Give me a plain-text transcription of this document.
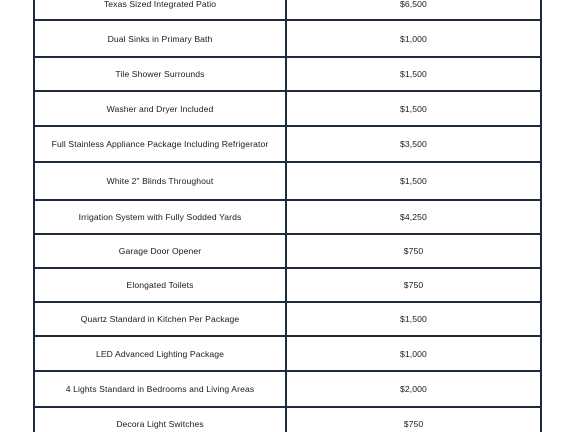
Texas Sized Integrated Patio	$6,500
Dual Sinks in Primary Bath	$1,000
Tile Shower Surrounds	$1,500
Washer and Dryer Included	$1,500
Full Stainless Appliance Package Including Refrigerator	$3,500
White 2" Blinds Throughout	$1,500
Irrigation System with Fully Sodded Yards	$4,250
Garage Door Opener	$750
Elongated Toilets	$750
Quartz Standard in Kitchen Per Package	$1,500
LED Advanced Lighting Package	$1,000
4 Lights Standard in Bedrooms and Living Areas	$2,000
Decora Light Switches	$750
